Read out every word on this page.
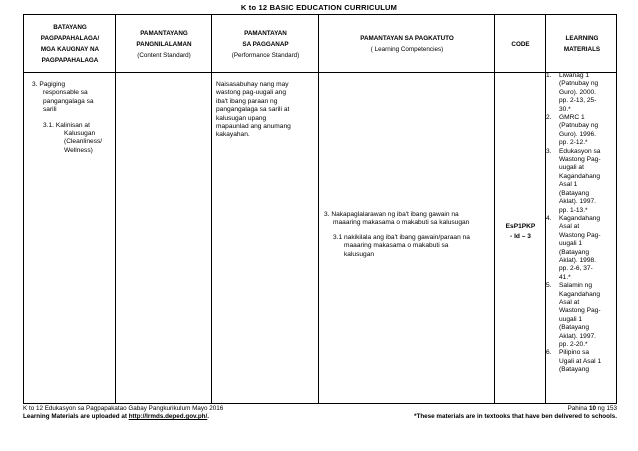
K to 12 BASIC EDUCATION CURRICULUM
BATAYANG
PAGPAPAHALAGA/
MGA KAUGNAY NA
PAGPAPAHALAGA
PAMANTAYANG
PANGNILALAMAN
(Content Standard)
PAMANTAYAN
SA PAGGANAP
(Performance Standard)
PAMANTAYAN SA PAGKATUTO
( Learning Competencies)
CODE
LEARNING
MATERIALS
3. Pagiging
responsable sa
pangangalaga sa
sarili
3.1. Kalinisan at
Kalusugan
(Cleanliness/
Wellness)
Naisasabuhay nang may
wastong pag-uugali ang
iba't ibang paraan ng
pangangalaga sa sarili at
kalusugan upang
mapaunlad ang anumang
kakayahan.
3. Nakapaglalarawan ng iba't ibang gawain na
maaaring makasama o makabuti sa kalusugan
3.1 nakikilala ang iba't ibang gawain/paraan na
maaaring makasama o makabuti sa
kalusugan
EsP1PKP
- Id – 3
1. Liwanag 1
(Patnubay ng
Guro). 2000.
pp. 2-13, 25-
30.*
2. GMRC 1
(Patnubay ng
Guro). 1996.
pp. 2-12.*
3. Edukasyon sa
Wastong Pag-
uugali at
Kagandahang
Asal 1
(Batayang
Aklat). 1997.
pp. 1-13.*
4. Kagandahang
Asal at
Wastong Pag-
uugali 1
(Batayang
Aklat). 1998.
pp. 2-6, 37-
41.*
5. Salamin ng
Kagandahang
Asal at
Wastong Pag-
uugali 1
(Batayang
Aklat). 1997.
pp. 2-20.*
6. Pilipino sa
Ugali at Asal 1
(Batayang
K to 12 Edukasyon sa Pagpapakatao Gabay Pangkurikulum Mayo 2016
Learning Materials are uploaded at http://lrmds.deped.gov.ph/.
Pahina 10 ng 153
*These materials are in textooks that have ben delivered to schools.
